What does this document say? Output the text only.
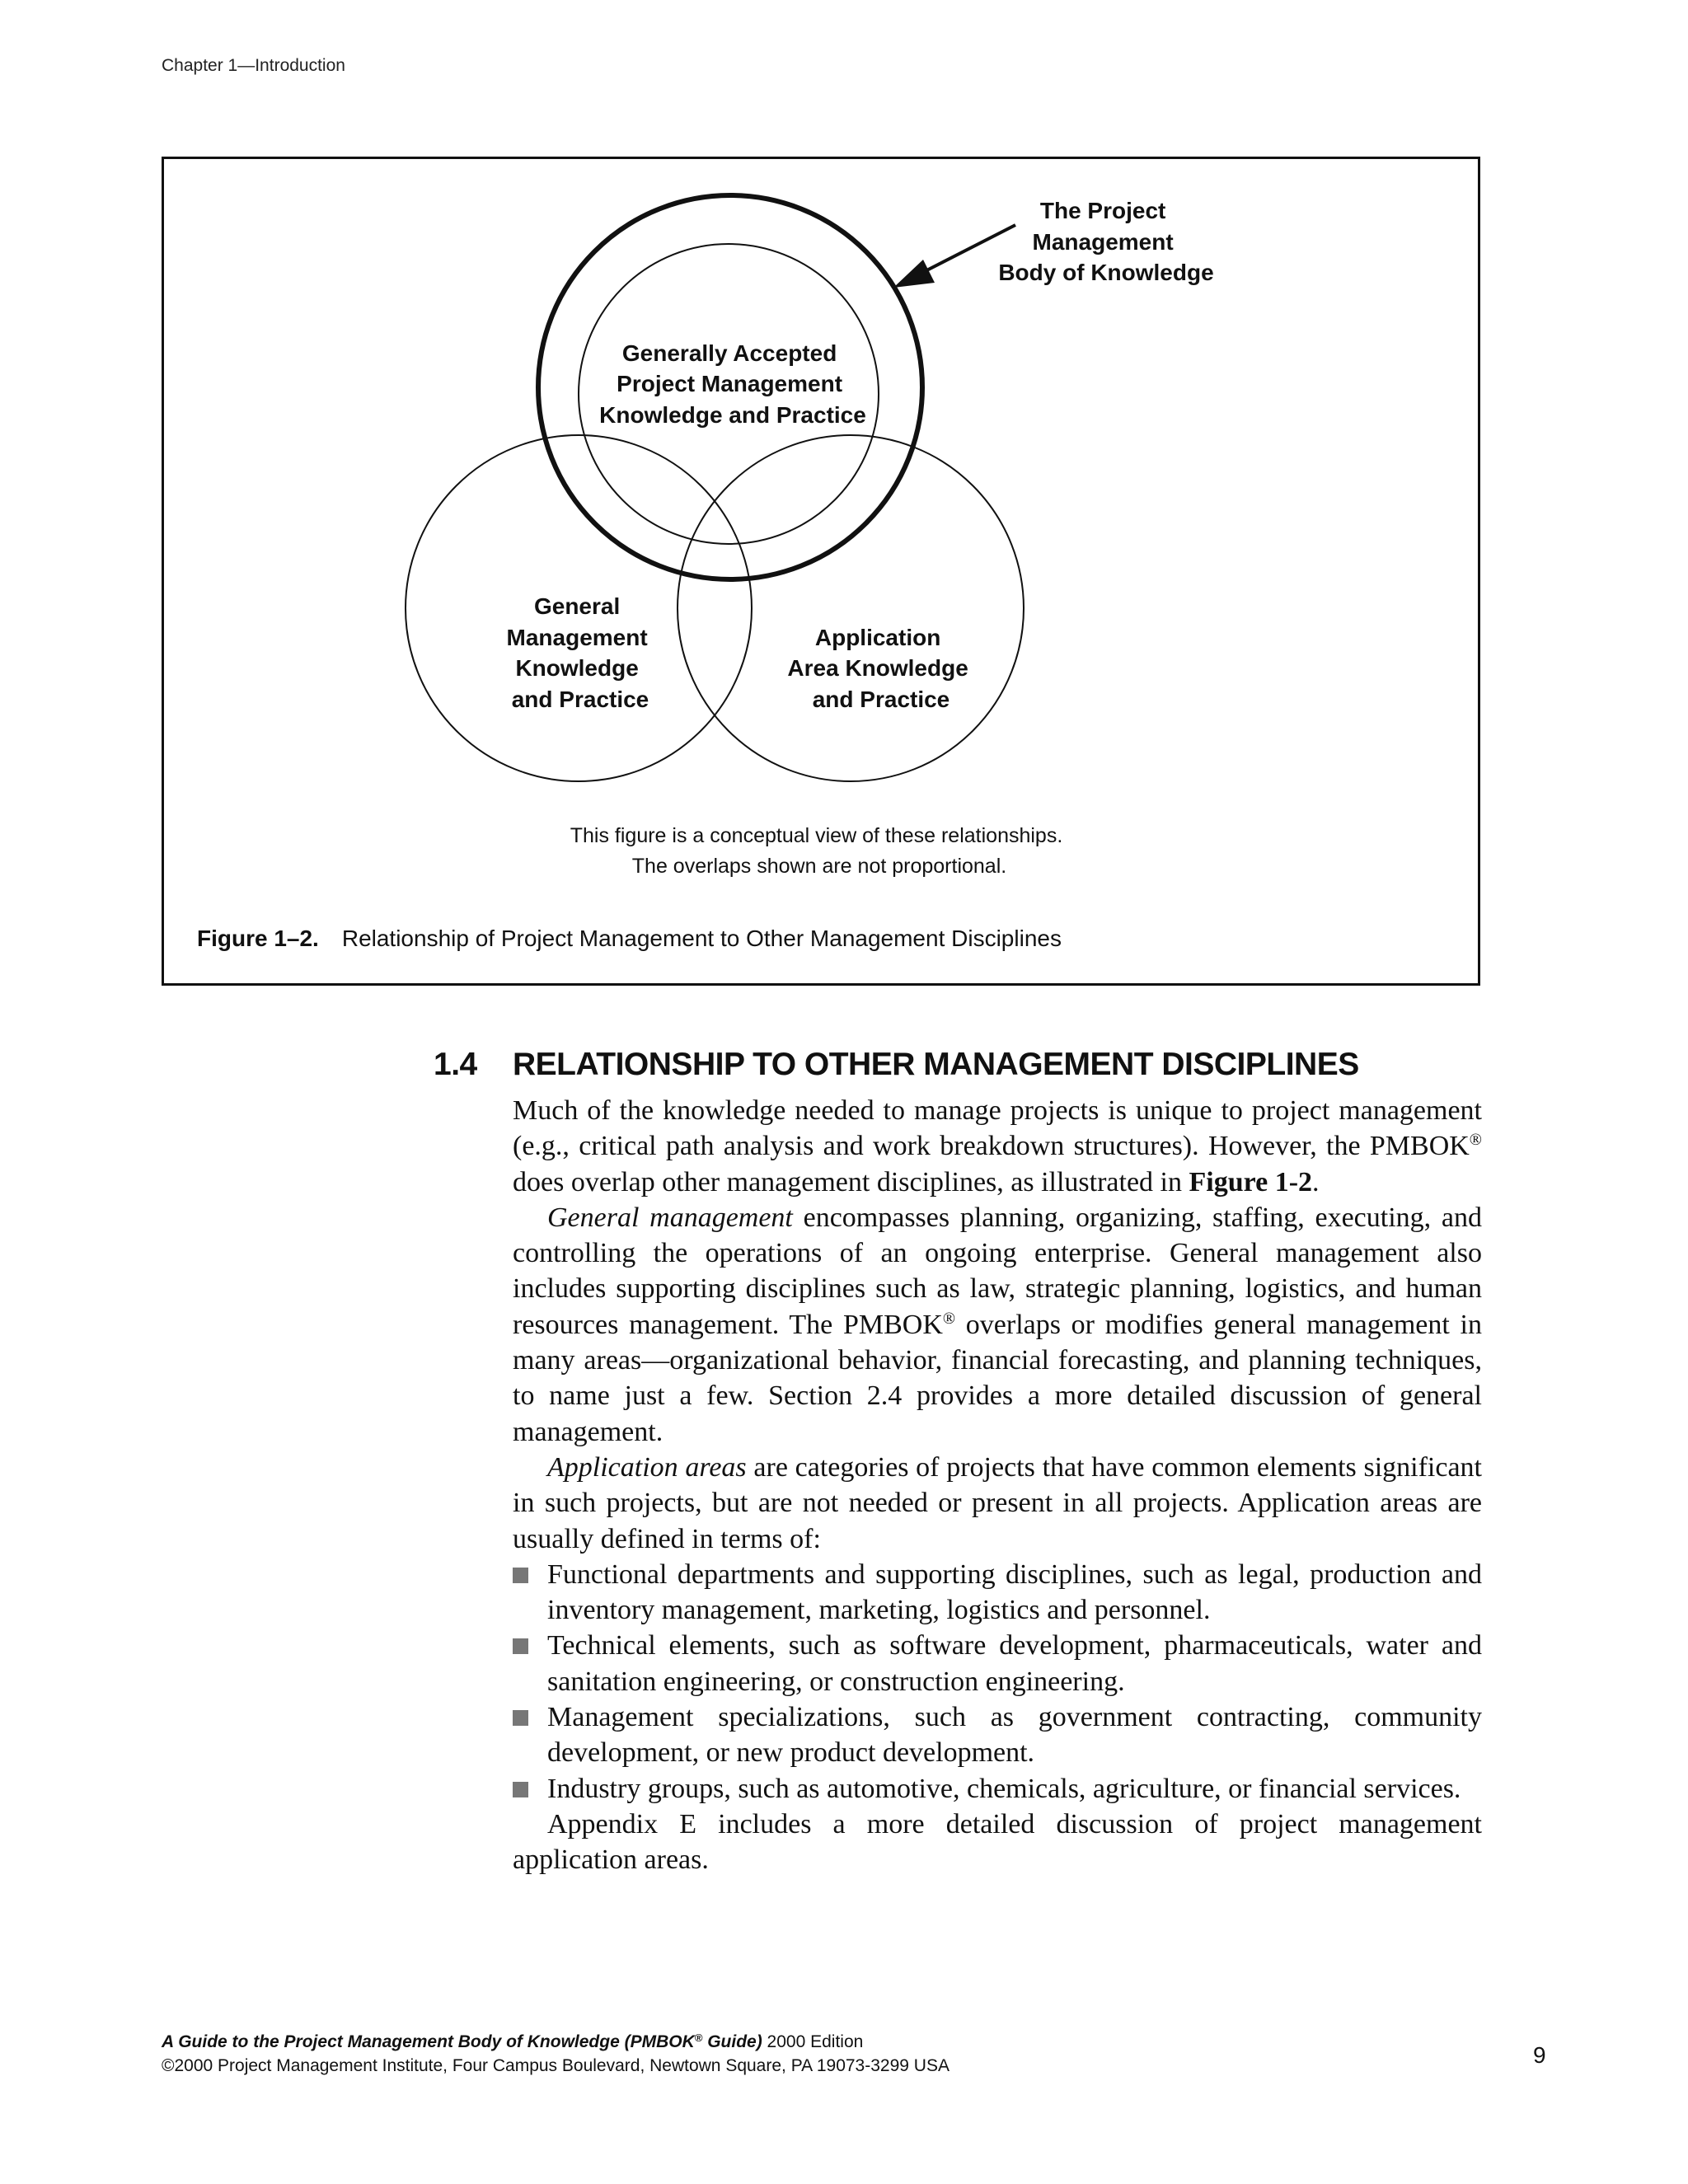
Chapter 1—Introduction
The Project Management Body of Knowledge
Generally Accepted Project Management Knowledge and Practice
General Management Knowledge and Practice
Application Area Knowledge and Practice
This figure is a conceptual view of these relationships. The overlaps shown are not proportional.
Figure 1–2. Relationship of Project Management to Other Management Disciplines
1.4 RELATIONSHIP TO OTHER MANAGEMENT DISCIPLINES

Much of the knowledge needed to manage projects is unique to project management (e.g., critical path analysis and work breakdown structures). However, the PMBOK® does overlap other management disciplines, as illustrated in Figure 1-2.

General management encompasses planning, organizing, staffing, executing, and controlling the operations of an ongoing enterprise. General management also includes supporting disciplines such as law, strategic planning, logistics, and human resources management. The PMBOK® overlaps or modifies general management in many areas—organizational behavior, financial forecasting, and planning techniques, to name just a few. Section 2.4 provides a more detailed discussion of general management.

Application areas are categories of projects that have common elements significant in such projects, but are not needed or present in all projects. Application areas are usually defined in terms of:

Functional departments and supporting disciplines, such as legal, production and inventory management, marketing, logistics and personnel.
Technical elements, such as software development, pharmaceuticals, water and sanitation engineering, or construction engineering.
Management specializations, such as government contracting, community development, or new product development.
Industry groups, such as automotive, chemicals, agriculture, or financial services.

Appendix E includes a more detailed discussion of project management application areas.

A Guide to the Project Management Body of Knowledge (PMBOK® Guide) 2000 Edition
©2000 Project Management Institute, Four Campus Boulevard, Newtown Square, PA 19073-3299 USA	9
